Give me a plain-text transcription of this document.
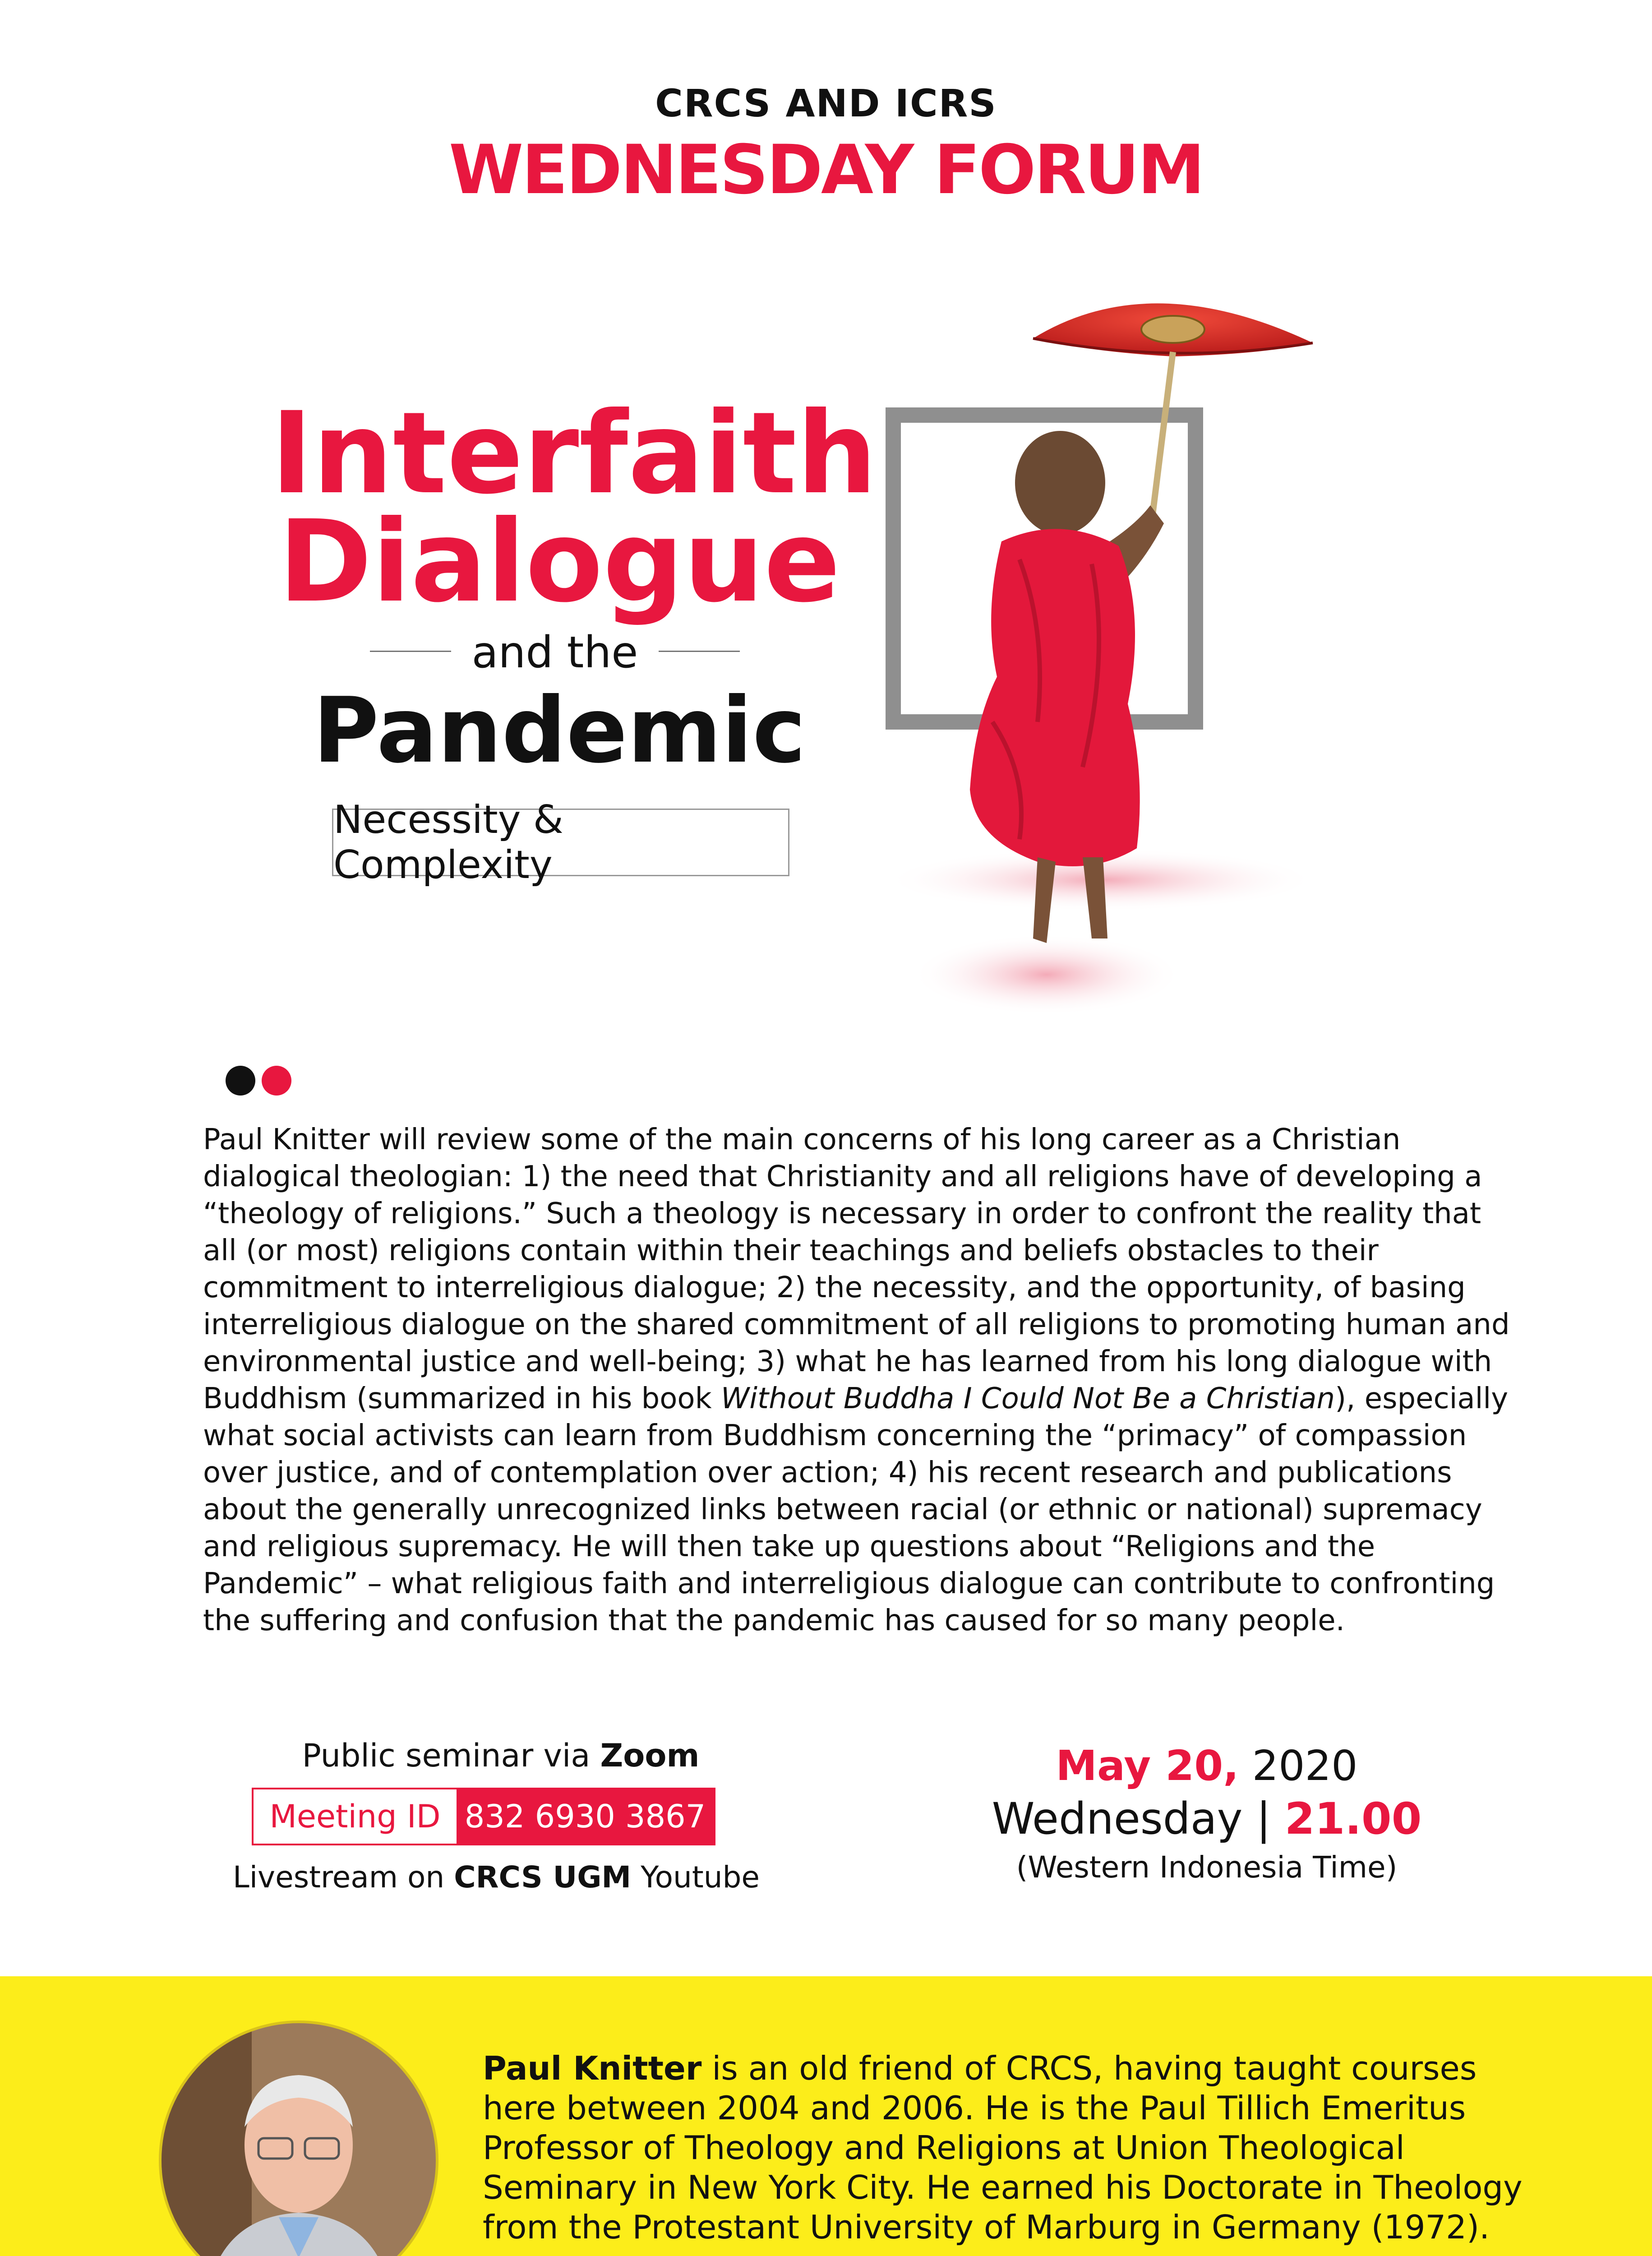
CRCS AND ICRS
WEDNESDAY FORUM
Interfaith
Dialogue
and the
Pandemic
Necessity & Complexity

Paul Knitter will review some of the main concerns of his long career as a Christian dialogical theologian: 1) the need that Christianity and all religions have of developing a “theology of religions.” Such a theology is necessary in order to confront the reality that all (or most) religions contain within their teachings and beliefs obstacles to their commitment to interreligious dialogue; 2) the necessity, and the opportunity, of basing interreligious dialogue on the shared commitment of all religions to promoting human and environmental justice and well-being; 3) what he has learned from his long dialogue with Buddhism (summarized in his book Without Buddha I Could Not Be a Christian), especially what social activists can learn from Buddhism concerning the “primacy” of compassion over justice, and of contemplation over action; 4) his recent research and publications about the generally unrecognized links between racial (or ethnic or national) supremacy and religious supremacy. He will then take up questions about “Religions and the Pandemic” – what religious faith and interreligious dialogue can contribute to confronting the suffering and confusion that the pandemic has caused for so many people.

Public seminar via Zoom
Meeting ID 832 6930 3867
Livestream on CRCS UGM Youtube
May 20, 2020
Wednesday | 21.00
(Western Indonesia Time)

Paul Knitter is an old friend of CRCS, having taught courses here between 2004 and 2006. He is the Paul Tillich Emeritus Professor of Theology and Religions at Union Theological Seminary in New York City. He earned his Doctorate in Theology from the Protestant University of Marburg in Germany (1972).
